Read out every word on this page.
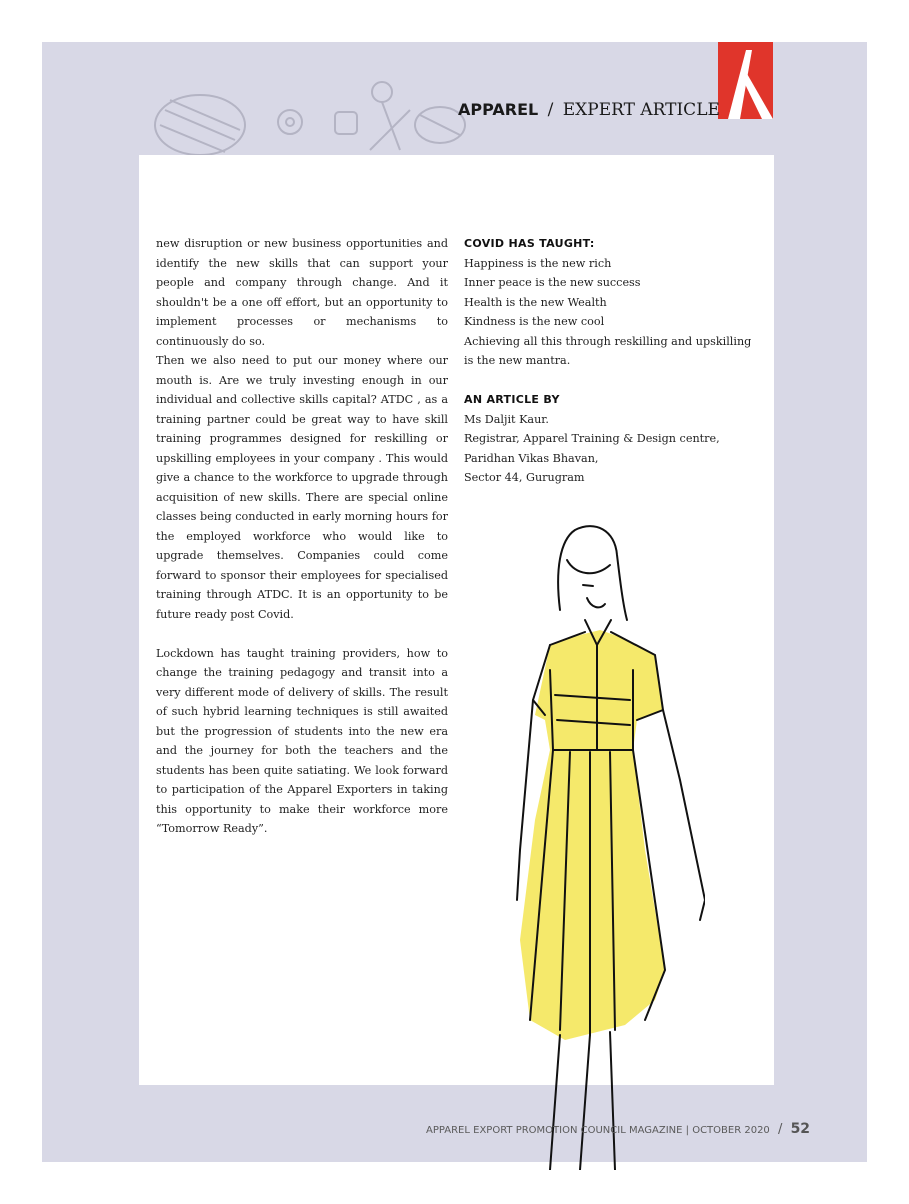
APPAREL / EXPERT ARTICLE

new disruption or new business opportunities and identify the new skills that can support your people and company through change. And it shouldn't be a one off effort, but an opportunity to implement processes or mechanisms to continuously do so.

Then we also need to put our money where our mouth is. Are we truly investing enough in our individual and collective skills capital? ATDC , as a training partner could be great way to have skill training programmes designed for reskilling or upskilling employees in your company . This would give a chance to the workforce to upgrade through acquisition of new skills. There are special online classes being conducted in early morning hours for the employed workforce who would like to upgrade themselves. Companies could come forward to sponsor their employees for specialised training through ATDC. It is an opportunity to be future ready post Covid.

Lockdown has taught training providers, how to change the training pedagogy and transit into a very different mode of delivery of skills. The result of such hybrid learning techniques is still awaited but the progression of students into the new era and the journey for both the teachers and the students has been quite satiating. We look forward to participation of the Apparel Exporters in taking this opportunity to make their workforce more “Tomorrow Ready”.

COVID HAS TAUGHT:
Happiness is the new rich
Inner peace is the new success
Health is the new Wealth
Kindness is the new cool
Achieving all this through reskilling and upskilling is the new mantra.
AN ARTICLE BY
Ms Daljit Kaur.
Registrar, Apparel Training & Design centre,
Paridhan Vikas Bhavan,
Sector 44, Gurugram
APPAREL EXPORT PROMOTION COUNCIL MAGAZINE | OCTOBER 2020 / 52
